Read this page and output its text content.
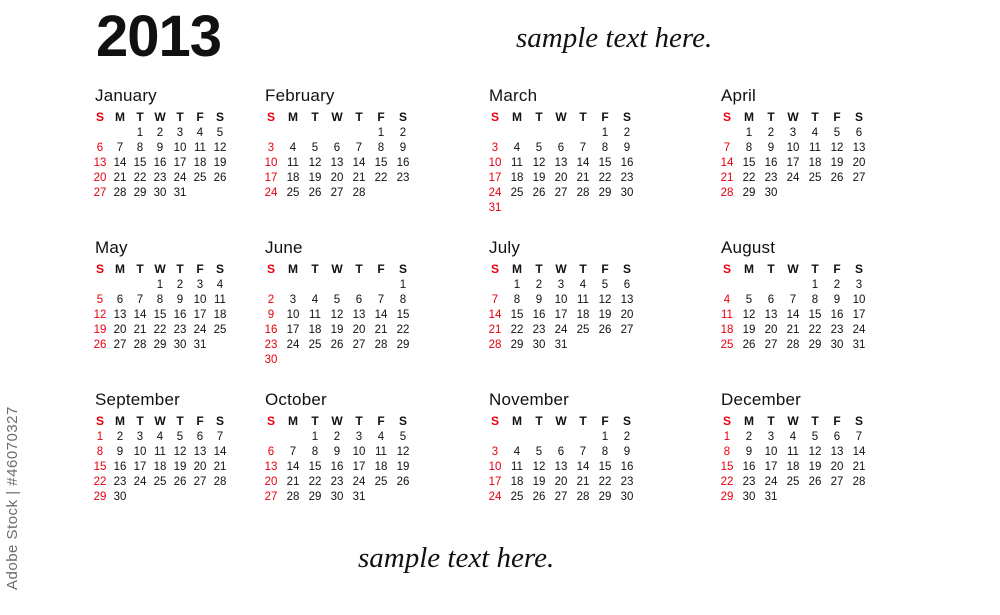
Adobe Stock | #46070327
2013	sample text here.
January
S	M	T	W	T	F	S
		1	2	3	4	5
6	7	8	9	10	11	12
13	14	15	16	17	18	19
20	21	22	23	24	25	26
27	28	29	30	31		
February
S	M	T	W	T	F	S
					1	2
3	4	5	6	7	8	9
10	11	12	13	14	15	16
17	18	19	20	21	22	23
24	25	26	27	28		
March
S	M	T	W	T	F	S
					1	2
3	4	5	6	7	8	9
10	11	12	13	14	15	16
17	18	19	20	21	22	23
24	25	26	27	28	29	30
31						
April
S	M	T	W	T	F	S
	1	2	3	4	5	6
7	8	9	10	11	12	13
14	15	16	17	18	19	20
21	22	23	24	25	26	27
28	29	30				
May
S	M	T	W	T	F	S
			1	2	3	4
5	6	7	8	9	10	11
12	13	14	15	16	17	18
19	20	21	22	23	24	25
26	27	28	29	30	31	
June
S	M	T	W	T	F	S
						1
2	3	4	5	6	7	8
9	10	11	12	13	14	15
16	17	18	19	20	21	22
23	24	25	26	27	28	29
30						
July
S	M	T	W	T	F	S
	1	2	3	4	5	6
7	8	9	10	11	12	13
14	15	16	17	18	19	20
21	22	23	24	25	26	27
28	29	30	31			
August
S	M	T	W	T	F	S
				1	2	3
4	5	6	7	8	9	10
11	12	13	14	15	16	17
18	19	20	21	22	23	24
25	26	27	28	29	30	31
September
S	M	T	W	T	F	S
1	2	3	4	5	6	7
8	9	10	11	12	13	14
15	16	17	18	19	20	21
22	23	24	25	26	27	28
29	30					
October
S	M	T	W	T	F	S
		1	2	3	4	5
6	7	8	9	10	11	12
13	14	15	16	17	18	19
20	21	22	23	24	25	26
27	28	29	30	31		
November
S	M	T	W	T	F	S
					1	2
3	4	5	6	7	8	9
10	11	12	13	14	15	16
17	18	19	20	21	22	23
24	25	26	27	28	29	30
December
S	M	T	W	T	F	S
1	2	3	4	5	6	7
8	9	10	11	12	13	14
15	16	17	18	19	20	21
22	23	24	25	26	27	28
29	30	31				
sample text here.
